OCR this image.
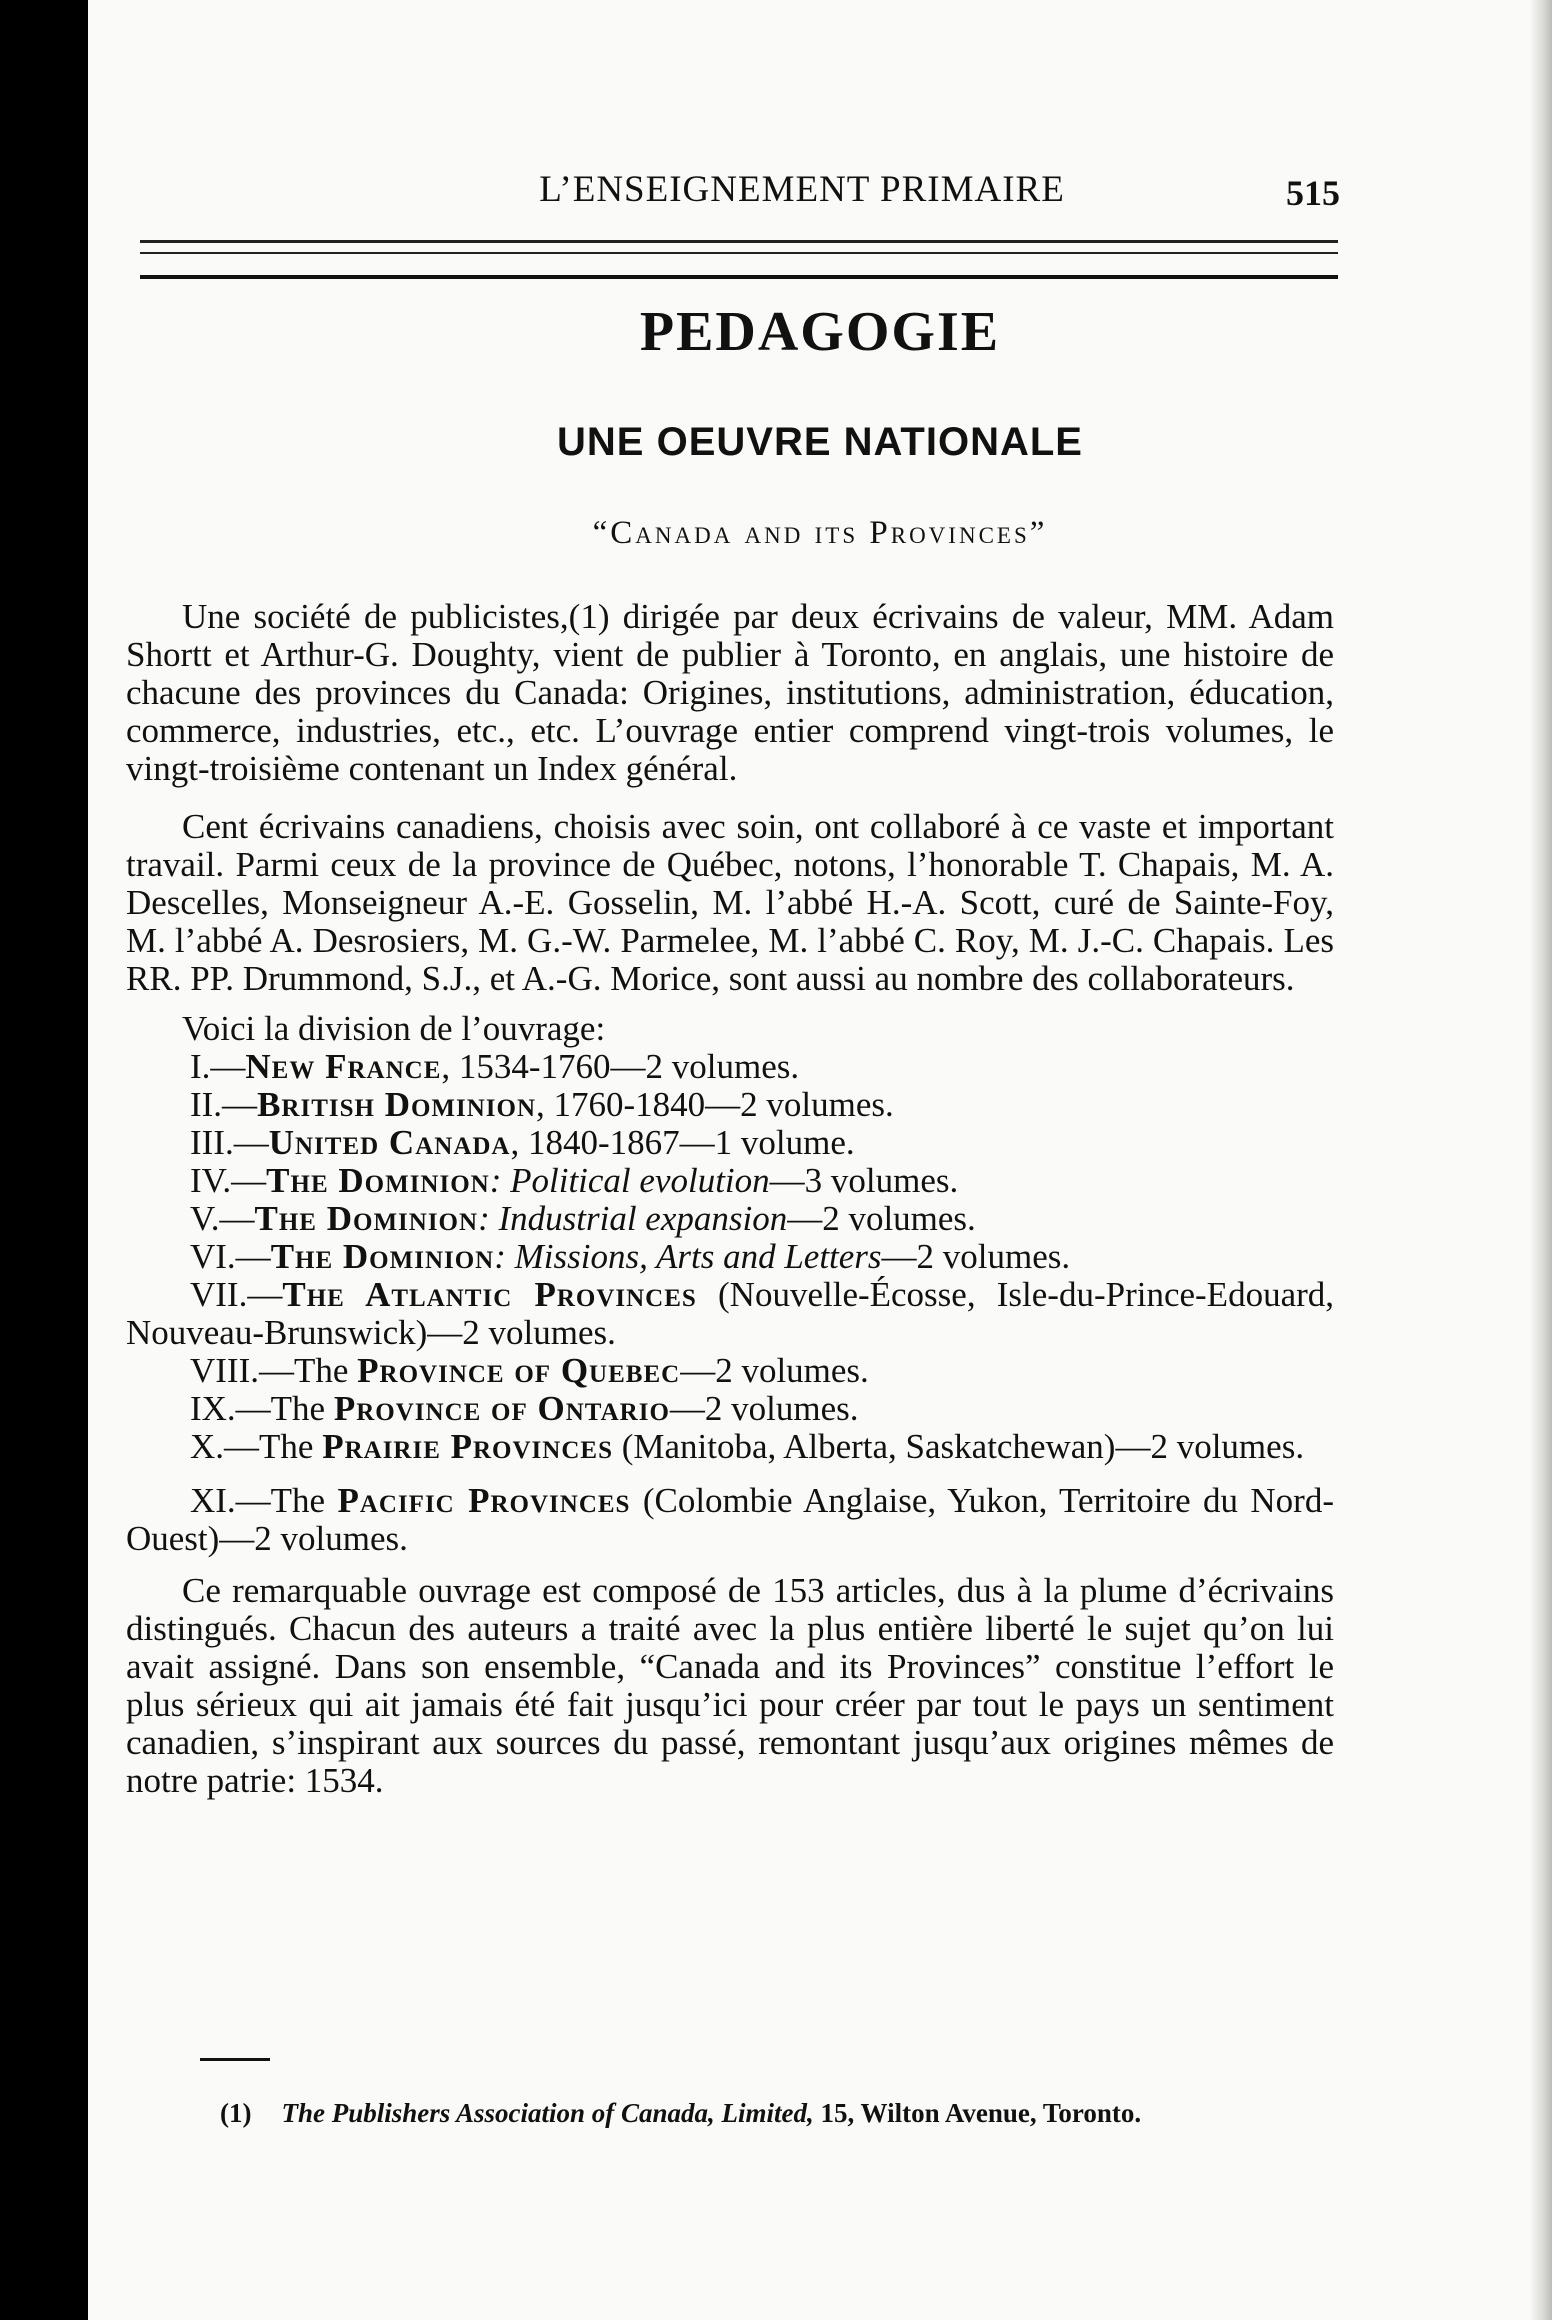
L’ENSEIGNEMENT PRIMAIRE	515
PEDAGOGIE
UNE OEUVRE NATIONALE
“Canada and its Provinces”

Une société de publicistes,(1) dirigée par deux écrivains de valeur, MM. Adam Shortt et Arthur-G. Doughty, vient de publier à Toronto, en anglais, une histoire de chacune des provinces du Canada: Origines, institutions, administration, éducation, commerce, industries, etc., etc. L’ouvrage entier comprend vingt-trois volumes, le vingt-troisième contenant un Index général.

Cent écrivains canadiens, choisis avec soin, ont collaboré à ce vaste et important travail. Parmi ceux de la province de Québec, notons, l’honorable T. Chapais, M. A. Descelles, Monseigneur A.-E. Gosselin, M. l’abbé H.-A. Scott, curé de Sainte-Foy, M. l’abbé A. Desrosiers, M. G.-W. Parmelee, M. l’abbé C. Roy, M. J.-C. Chapais. Les RR. PP. Drummond, S.J., et A.-G. Morice, sont aussi au nombre des collaborateurs.

Voici la division de l’ouvrage:

I.—New France, 1534-1760—2 volumes.
II.—British Dominion, 1760-1840—2 volumes.
III.—United Canada, 1840-1867—1 volume.
IV.—The Dominion: Political evolution—3 volumes.
V.—The Dominion: Industrial expansion—2 volumes.
VI.—The Dominion: Missions, Arts and Letters—2 volumes.
VII.—The Atlantic Provinces (Nouvelle-Écosse, Isle-du-Prince-Edouard, Nouveau-Brunswick)—2 volumes.
VIII.—The Province of Quebec—2 volumes.
IX.—The Province of Ontario—2 volumes.
X.—The Prairie Provinces (Manitoba, Alberta, Saskatchewan)—2 volumes.
XI.—The Pacific Provinces (Colombie Anglaise, Yukon, Territoire du Nord-Ouest)—2 volumes.

Ce remarquable ouvrage est composé de 153 articles, dus à la plume d’écrivains distingués. Chacun des auteurs a traité avec la plus entière liberté le sujet qu’on lui avait assigné. Dans son ensemble, “Canada and its Provinces” constitue l’effort le plus sérieux qui ait jamais été fait jusqu’ici pour créer par tout le pays un sentiment canadien, s’inspirant aux sources du passé, remontant jusqu’aux origines mêmes de notre patrie: 1534.

(1) The Publishers Association of Canada, Limited, 15, Wilton Avenue, Toronto.
